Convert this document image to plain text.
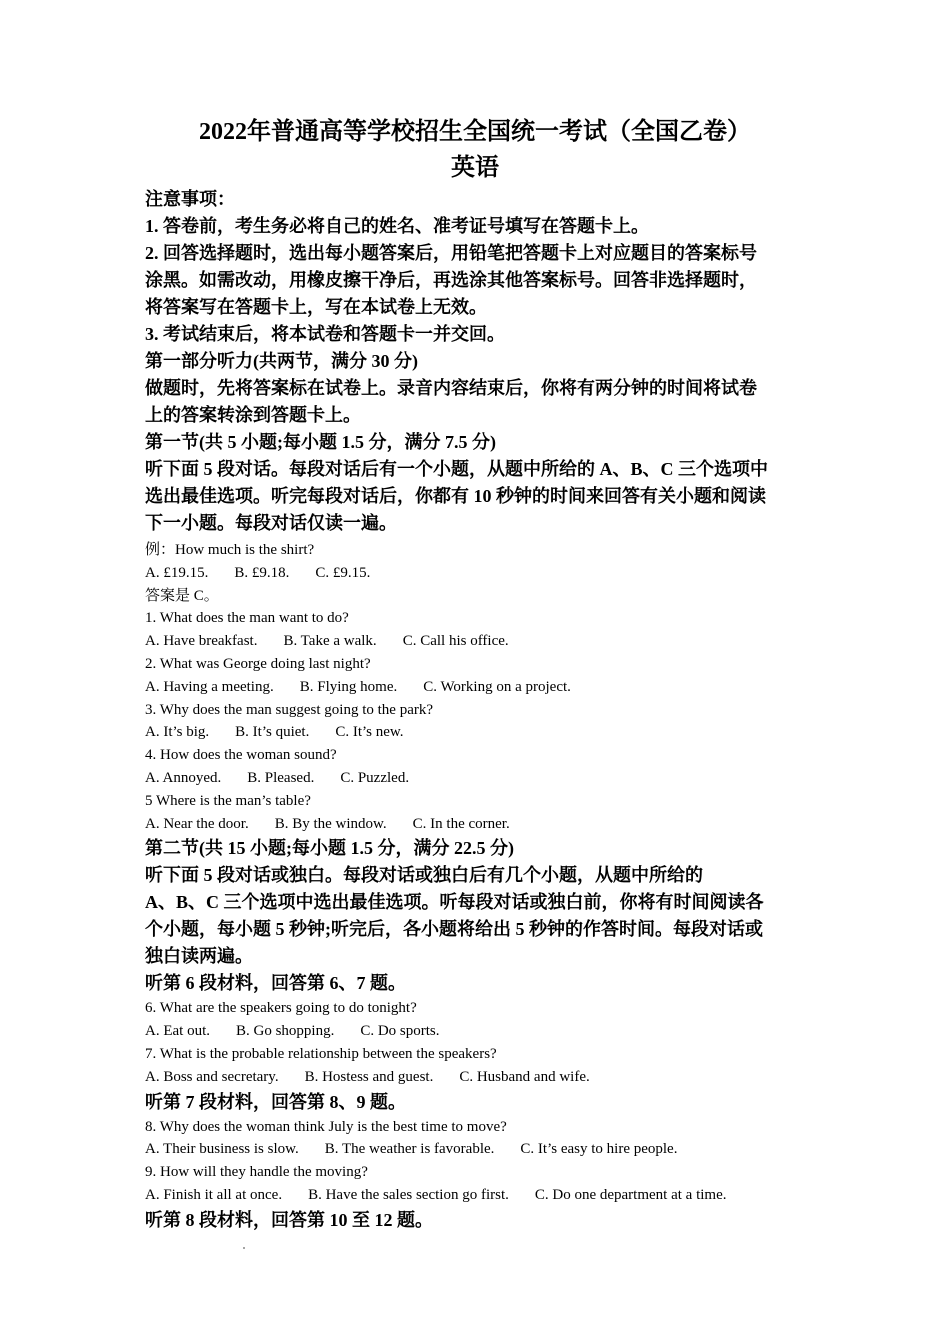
2022年普通高等学校招生全国统一考试（全国乙卷）
英语

注意事项：

1. 答卷前，考生务必将自己的姓名、准考证号填写在答题卡上。

2. 回答选择题时，选出每小题答案后，用铅笔把答题卡上对应题目的答案标号

涂黑。如需改动，用橡皮擦干净后，再选涂其他答案标号。回答非选择题时，

将答案写在答题卡上，写在本试卷上无效。

3. 考试结束后，将本试卷和答题卡一并交回。

第一部分听力(共两节，满分 30 分)

做题时，先将答案标在试卷上。录音内容结束后，你将有两分钟的时间将试卷

上的答案转涂到答题卡上。

第一节(共 5 小题;每小题 1.5 分，满分 7.5 分)

听下面 5 段对话。每段对话后有一个小题，从题中所给的 A、B、C 三个选项中

选出最佳选项。听完每段对话后，你都有 10 秒钟的时间来回答有关小题和阅读

下一小题。每段对话仅读一遍。

例：How much is the shirt?

A. £19.15. B. £9.18. C. £9.15.

答案是 C。

1. What does the man want to do?

A. Have breakfast. B. Take a walk. C. Call his office.

2. What was George doing last night?

A. Having a meeting. B. Flying home. C. Working on a project.

3. Why does the man suggest going to the park?

A. It’s big. B. It’s quiet. C. It’s new.

4. How does the woman sound?

A. Annoyed. B. Pleased. C. Puzzled.

5 Where is the man’s table?

A. Near the door. B. By the window. C. In the corner.

第二节(共 15 小题;每小题 1.5 分，满分 22.5 分)

听下面 5 段对话或独白。每段对话或独白后有几个小题，从题中所给的

A、B、C 三个选项中选出最佳选项。听每段对话或独白前，你将有时间阅读各

个小题，每小题 5 秒钟;听完后，各小题将给出 5 秒钟的作答时间。每段对话或

独白读两遍。

听第 6 段材料，回答第 6、7 题。

6. What are the speakers going to do tonight?

A. Eat out. B. Go shopping. C. Do sports.

7. What is the probable relationship between the speakers?

A. Boss and secretary. B. Hostess and guest. C. Husband and wife.

听第 7 段材料，回答第 8、9 题。

8. Why does the woman think July is the best time to move?

A. Their business is slow. B. The weather is favorable. C. It’s easy to hire people.

9. How will they handle the moving?

A. Finish it all at once. B. Have the sales section go first. C. Do one department at a time.

听第 8 段材料，回答第 10 至 12 题。
